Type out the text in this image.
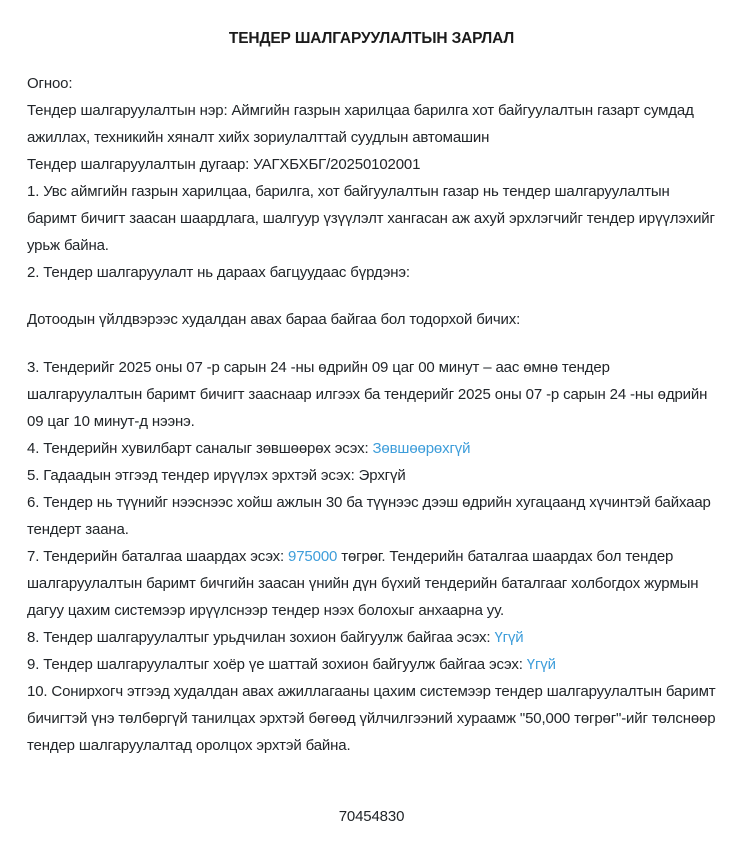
ТЕНДЕР ШАЛГАРУУЛАЛТЫН ЗАРЛАЛ

Огноо:

Тендер шалгаруулалтын нэр: Аймгийн газрын харилцаа барилга хот байгуулалтын газарт сумдад ажиллах, техникийн хяналт хийх зориулалттай суудлын автомашин

Тендер шалгаруулалтын дугаар: УАГХБХБГ/20250102001

1. Увс аймгийн газрын харилцаа, барилга, хот байгуулалтын газар нь тендер шалгаруулалтын баримт бичигт заасан шаардлага, шалгуур үзүүлэлт хангасан аж ахуй эрхлэгчийг тендер ирүүлэхийг урьж байна.

2. Тендер шалгаруулалт нь дараах багцуудаас бүрдэнэ:

Дотоодын үйлдвэрээс худалдан авах бараа байгаа бол тодорхой бичих:

3. Тендерийг 2025 оны 07 -р сарын 24 -ны өдрийн 09 цаг 00 минут – аас өмнө тендер шалгаруулалтын баримт бичигт зааснаар илгээх ба тендерийг 2025 оны 07 -р сарын 24 -ны өдрийн 09 цаг 10 минут-д нээнэ.

4. Тендерийн хувилбарт саналыг зөвшөөрөх эсэх: Зөвшөөрөхгүй

5. Гадаадын этгээд тендер ирүүлэх эрхтэй эсэх: Эрхгүй

6. Тендер нь түүнийг нээснээс хойш ажлын 30 ба түүнээс дээш өдрийн хугацаанд хүчинтэй байхаар тендерт заана.

7. Тендерийн баталгаа шаардах эсэх: 975000 төгрөг. Тендерийн баталгаа шаардах бол тендер шалгаруулалтын баримт бичгийн заасан үнийн дүн бүхий тендерийн баталгааг холбогдох журмын дагуу цахим системээр ирүүлснээр тендер нээх болохыг анхаарна уу.

8. Тендер шалгаруулалтыг урьдчилан зохион байгуулж байгаа эсэх: Үгүй

9. Тендер шалгаруулалтыг хоёр үе шаттай зохион байгуулж байгаа эсэх: Үгүй

10. Сонирхогч этгээд худалдан авах ажиллагааны цахим системээр тендер шалгаруулалтын баримт бичигтэй үнэ төлбөргүй танилцах эрхтэй бөгөөд үйлчилгээний хураамж "50,000 төгрөг"-ийг төлснөөр тендер шалгаруулалтад оролцох эрхтэй байна.

70454830
